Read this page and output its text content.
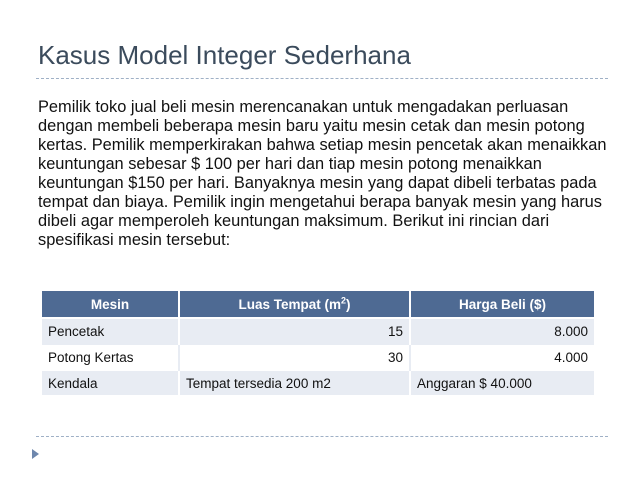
Kasus Model Integer Sederhana

Pemilik toko jual beli mesin merencanakan untuk mengadakan perluasan dengan membeli beberapa mesin baru yaitu mesin cetak dan mesin potong kertas. Pemilik memperkirakan bahwa setiap mesin pencetak akan menaikkan keuntungan sebesar $ 100 per hari dan tiap mesin potong menaikkan keuntungan $150 per hari. Banyaknya mesin yang dapat dibeli terbatas pada tempat dan biaya. Pemilik ingin mengetahui berapa banyak mesin yang harus dibeli agar memperoleh keuntungan maksimum. Berikut ini rincian dari spesifikasi mesin tersebut:

Mesin	Luas Tempat $(m^2)$	Harga Beli ($)
Pencetak	15	8.000
Potong Kertas	30	4.000
Kendala	Tempat tersedia 200 m2	Anggaran $ 40.000
